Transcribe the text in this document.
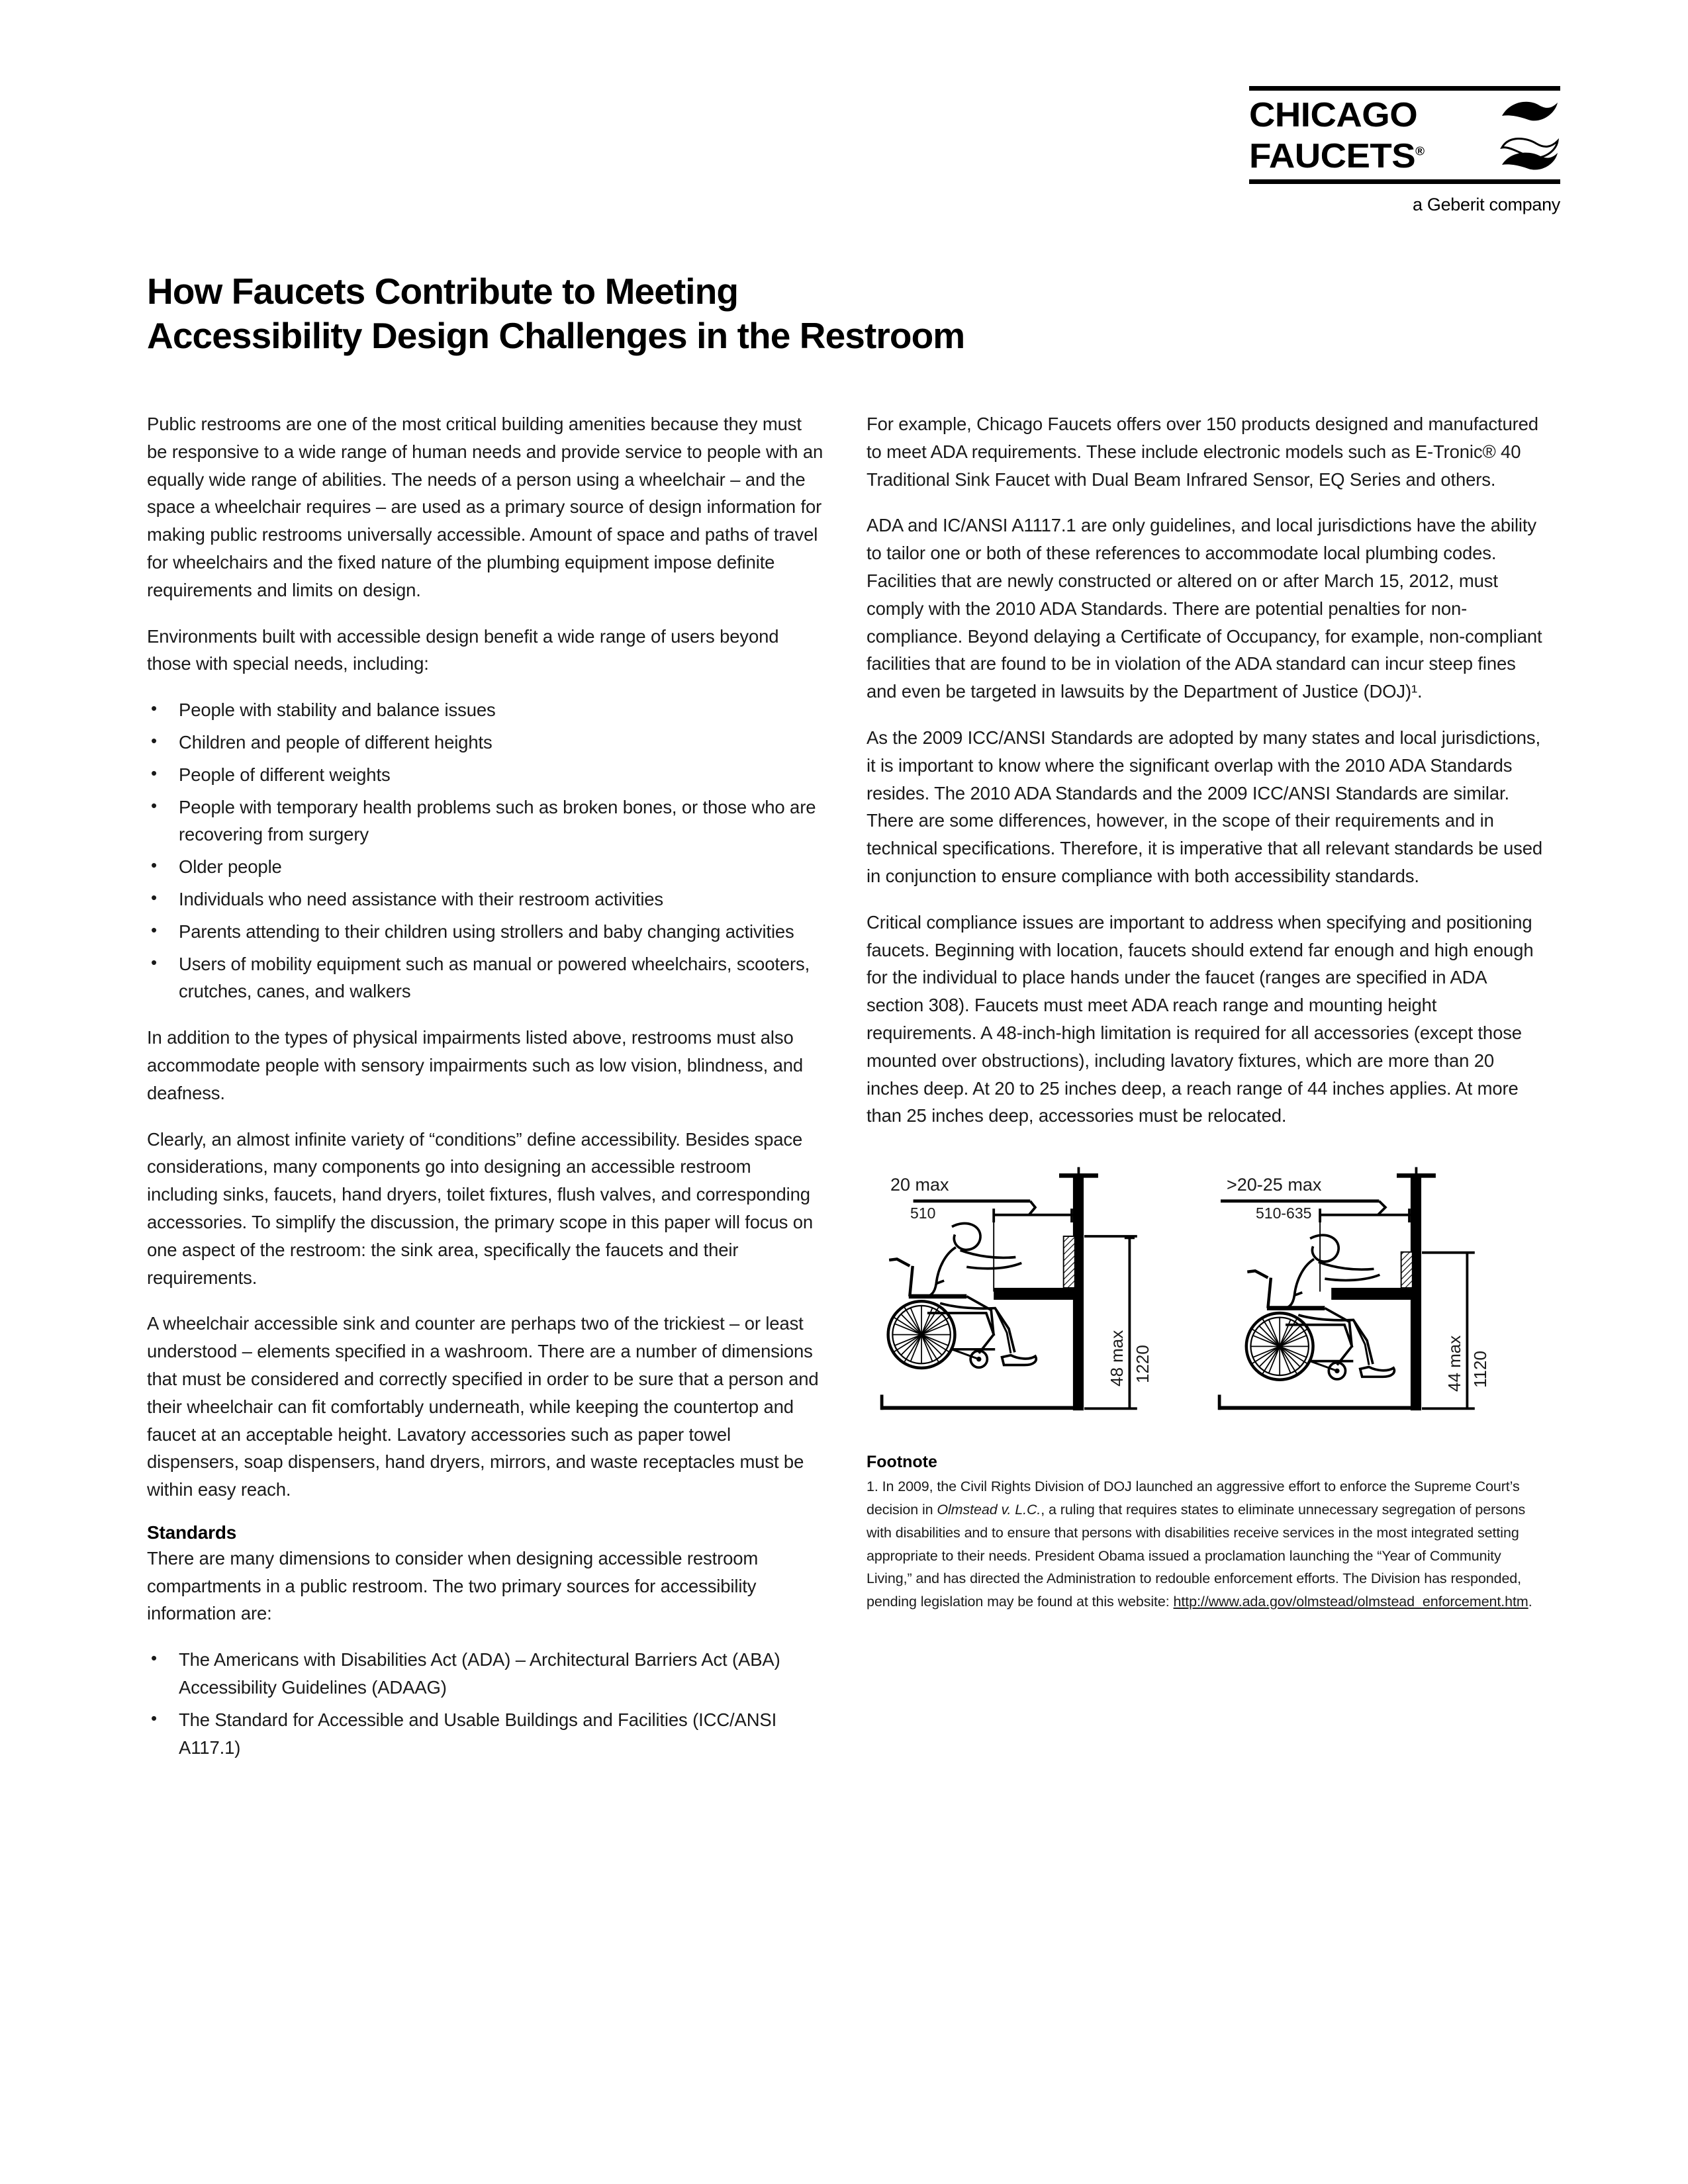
CHICAGO
FAUCETS®
a Geberit company
How Faucets Contribute to Meeting
Accessibility Design Challenges in the Restroom

Public restrooms are one of the most critical building amenities because they must be responsive to a wide range of human needs and provide service to people with an equally wide range of abilities. The needs of a person using a wheelchair – and the space a wheelchair requires – are used as a primary source of design information for making public restrooms universally accessible. Amount of space and paths of travel for wheelchairs and the fixed nature of the plumbing equipment impose definite requirements and limits on design.

Environments built with accessible design benefit a wide range of users beyond those with special needs, including:

• People with stability and balance issues
• Children and people of different heights
• People of different weights
• People with temporary health problems such as broken bones, or those who are recovering from surgery
• Older people
• Individuals who need assistance with their restroom activities
• Parents attending to their children using strollers and baby changing activities
• Users of mobility equipment such as manual or powered wheelchairs, scooters, crutches, canes, and walkers

In addition to the types of physical impairments listed above, restrooms must also accommodate people with sensory impairments such as low vision, blindness, and deafness.

Clearly, an almost infinite variety of “conditions” define accessibility. Besides space considerations, many components go into designing an accessible restroom including sinks, faucets, hand dryers, toilet fixtures, flush valves, and corresponding accessories. To simplify the discussion, the primary scope in this paper will focus on one aspect of the restroom: the sink area, specifically the faucets and their requirements.

A wheelchair accessible sink and counter are perhaps two of the trickiest – or least understood – elements specified in a washroom. There are a number of dimensions that must be considered and correctly specified in order to be sure that a person and their wheelchair can fit comfortably underneath, while keeping the countertop and faucet at an acceptable height. Lavatory accessories such as paper towel dispensers, soap dispensers, hand dryers, mirrors, and waste receptacles must be within easy reach.

Standards

There are many dimensions to consider when designing accessible restroom compartments in a public restroom. The two primary sources for accessibility information are:

• The Americans with Disabilities Act (ADA) – Architectural Barriers Act (ABA) Accessibility Guidelines (ADAAG)
• The Standard for Accessible and Usable Buildings and Facilities (ICC/ANSI A117.1)

For example, Chicago Faucets offers over 150 products designed and manufactured to meet ADA requirements. These include electronic models such as E-Tronic® 40 Traditional Sink Faucet with Dual Beam Infrared Sensor, EQ Series and others.

ADA and IC/ANSI A1117.1 are only guidelines, and local jurisdictions have the ability to tailor one or both of these references to accommodate local plumbing codes. Facilities that are newly constructed or altered on or after March 15, 2012, must comply with the 2010 ADA Standards. There are potential penalties for non-compliance. Beyond delaying a Certificate of Occupancy, for example, non-compliant facilities that are found to be in violation of the ADA standard can incur steep fines and even be targeted in lawsuits by the Department of Justice (DOJ)¹.

As the 2009 ICC/ANSI Standards are adopted by many states and local jurisdictions, it is important to know where the significant overlap with the 2010 ADA Standards resides. The 2010 ADA Standards and the 2009 ICC/ANSI Standards are similar. There are some differences, however, in the scope of their requirements and in technical specifications. Therefore, it is imperative that all relevant standards be used in conjunction to ensure compliance with both accessibility standards.

Critical compliance issues are important to address when specifying and positioning faucets. Beginning with location, faucets should extend far enough and high enough for the individual to place hands under the faucet (ranges are specified in ADA section 308). Faucets must meet ADA reach range and mounting height requirements. A 48-inch-high limitation is required for all accessories (except those mounted over obstructions), including lavatory fixtures, which are more than 20 inches deep. At 20 to 25 inches deep, a reach range of 44 inches applies. At more than 25 inches deep, accessories must be relocated.

20 max
510
48 max 1220
>20-25 max
510-635
44 max 1120
Footnote

1. In 2009, the Civil Rights Division of DOJ launched an aggressive effort to enforce the Supreme Court’s decision in Olmstead v. L.C., a ruling that requires states to eliminate unnecessary segregation of persons with disabilities and to ensure that persons with disabilities receive services in the most integrated setting appropriate to their needs. President Obama issued a proclamation launching the “Year of Community Living,” and has directed the Administration to redouble enforcement efforts. The Division has responded, pending legislation may be found at this website: http://www.ada.gov/olmstead/olmstead_enforcement.htm.
